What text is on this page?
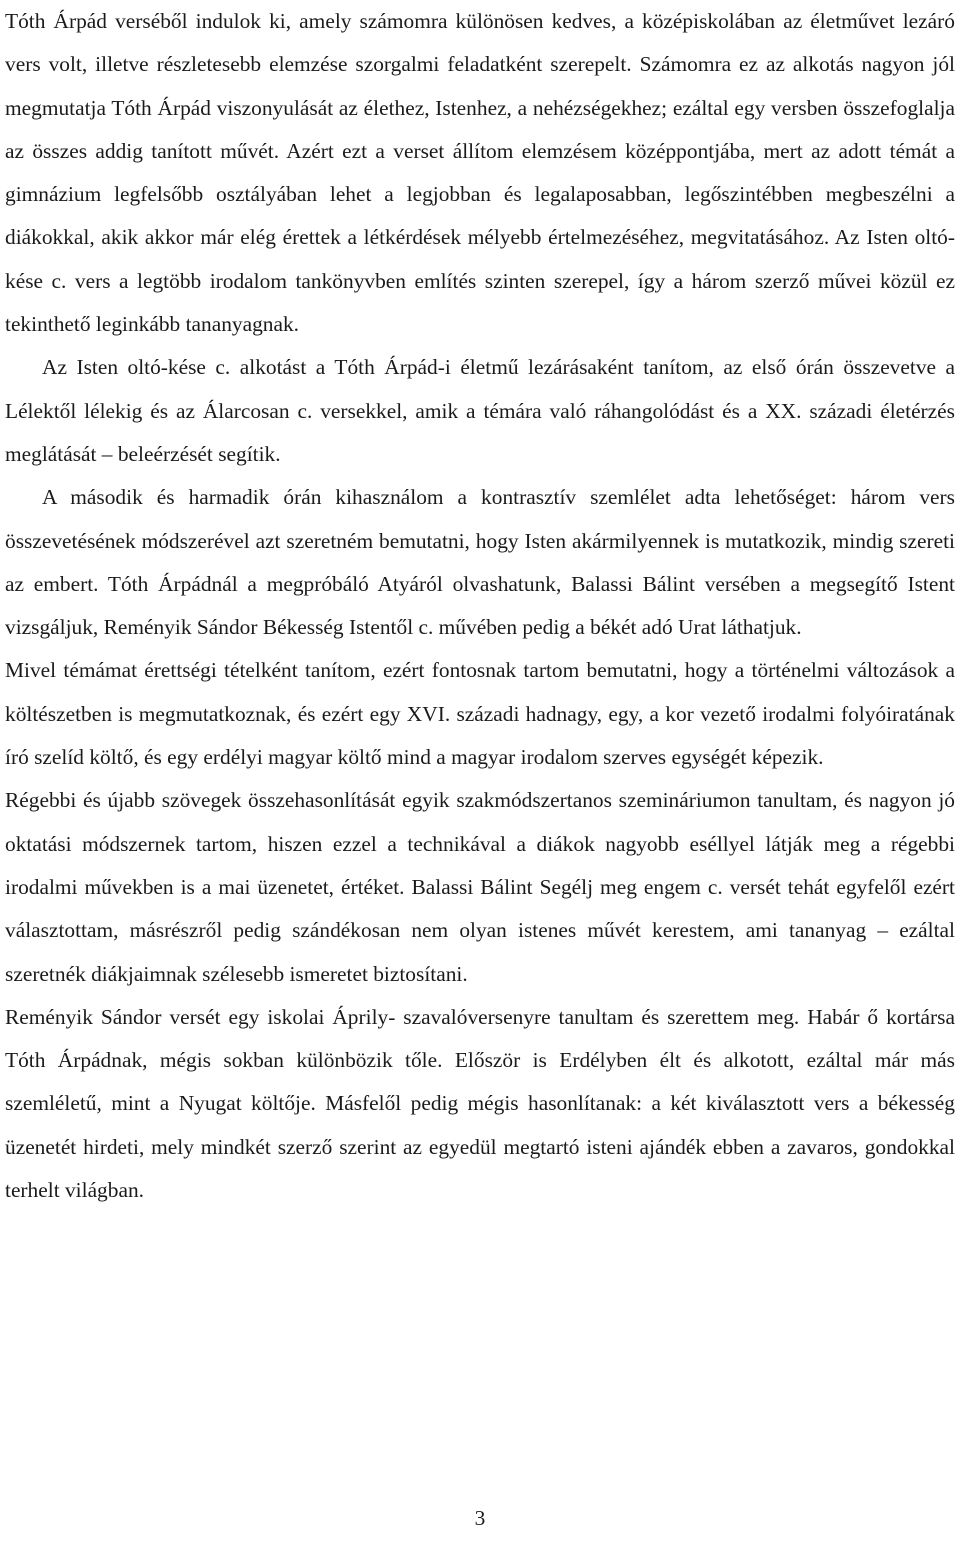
Tóth Árpád verséből indulok ki, amely számomra különösen kedves, a középiskolában az életművet lezáró vers volt, illetve részletesebb elemzése szorgalmi feladatként szerepelt. Számomra ez az alkotás nagyon jól megmutatja Tóth Árpád viszonyulását az élethez, Istenhez, a nehézségekhez; ezáltal egy versben összefoglalja az összes addig tanított művét. Azért ezt a verset állítom elemzésem középpontjába, mert az adott témát a gimnázium legfelsőbb osztályában lehet a legjobban és legalaposabban, legőszintébben megbeszélni a diákokkal, akik akkor már elég érettek a létkérdések mélyebb értelmezéséhez, megvitatásához. Az Isten oltó-kése c. vers a legtöbb irodalom tankönyvben említés szinten szerepel, így a három szerző művei közül ez tekinthető leginkább tananyagnak.

Az Isten oltó-kése c. alkotást a Tóth Árpád-i életmű lezárásaként tanítom, az első órán összevetve a Lélektől lélekig és az Álarcosan c. versekkel, amik a témára való ráhangolódást és a XX. századi életérzés meglátását – beleérzését segítik.

A második és harmadik órán kihasználom a kontrasztív szemlélet adta lehetőséget: három vers összevetésének módszerével azt szeretném bemutatni, hogy Isten akármilyennek is mutatkozik, mindig szereti az embert. Tóth Árpádnál a megpróbáló Atyáról olvashatunk, Balassi Bálint versében a megsegítő Istent vizsgáljuk, Reményik Sándor Békesség Istentől c. művében pedig a békét adó Urat láthatjuk.

Mivel témámat érettségi tételként tanítom, ezért fontosnak tartom bemutatni, hogy a történelmi változások a költészetben is megmutatkoznak, és ezért egy XVI. századi hadnagy, egy, a kor vezető irodalmi folyóiratának író szelíd költő, és egy erdélyi magyar költő mind a magyar irodalom szerves egységét képezik.

Régebbi és újabb szövegek összehasonlítását egyik szakmódszertanos szemináriumon tanultam, és nagyon jó oktatási módszernek tartom, hiszen ezzel a technikával a diákok nagyobb eséllyel látják meg a régebbi irodalmi művekben is a mai üzenetet, értéket. Balassi Bálint Segélj meg engem c. versét tehát egyfelől ezért választottam, másrészről pedig szándékosan nem olyan istenes művét kerestem, ami tananyag – ezáltal szeretnék diákjaimnak szélesebb ismeretet biztosítani.

Reményik Sándor versét egy iskolai Áprily- szavalóversenyre tanultam és szerettem meg. Habár ő kortársa Tóth Árpádnak, mégis sokban különbözik tőle. Először is Erdélyben élt és alkotott, ezáltal már más szemléletű, mint a Nyugat költője. Másfelől pedig mégis hasonlítanak: a két kiválasztott vers a békesség üzenetét hirdeti, mely mindkét szerző szerint az egyedül megtartó isteni ajándék ebben a zavaros, gondokkal terhelt világban.

3
